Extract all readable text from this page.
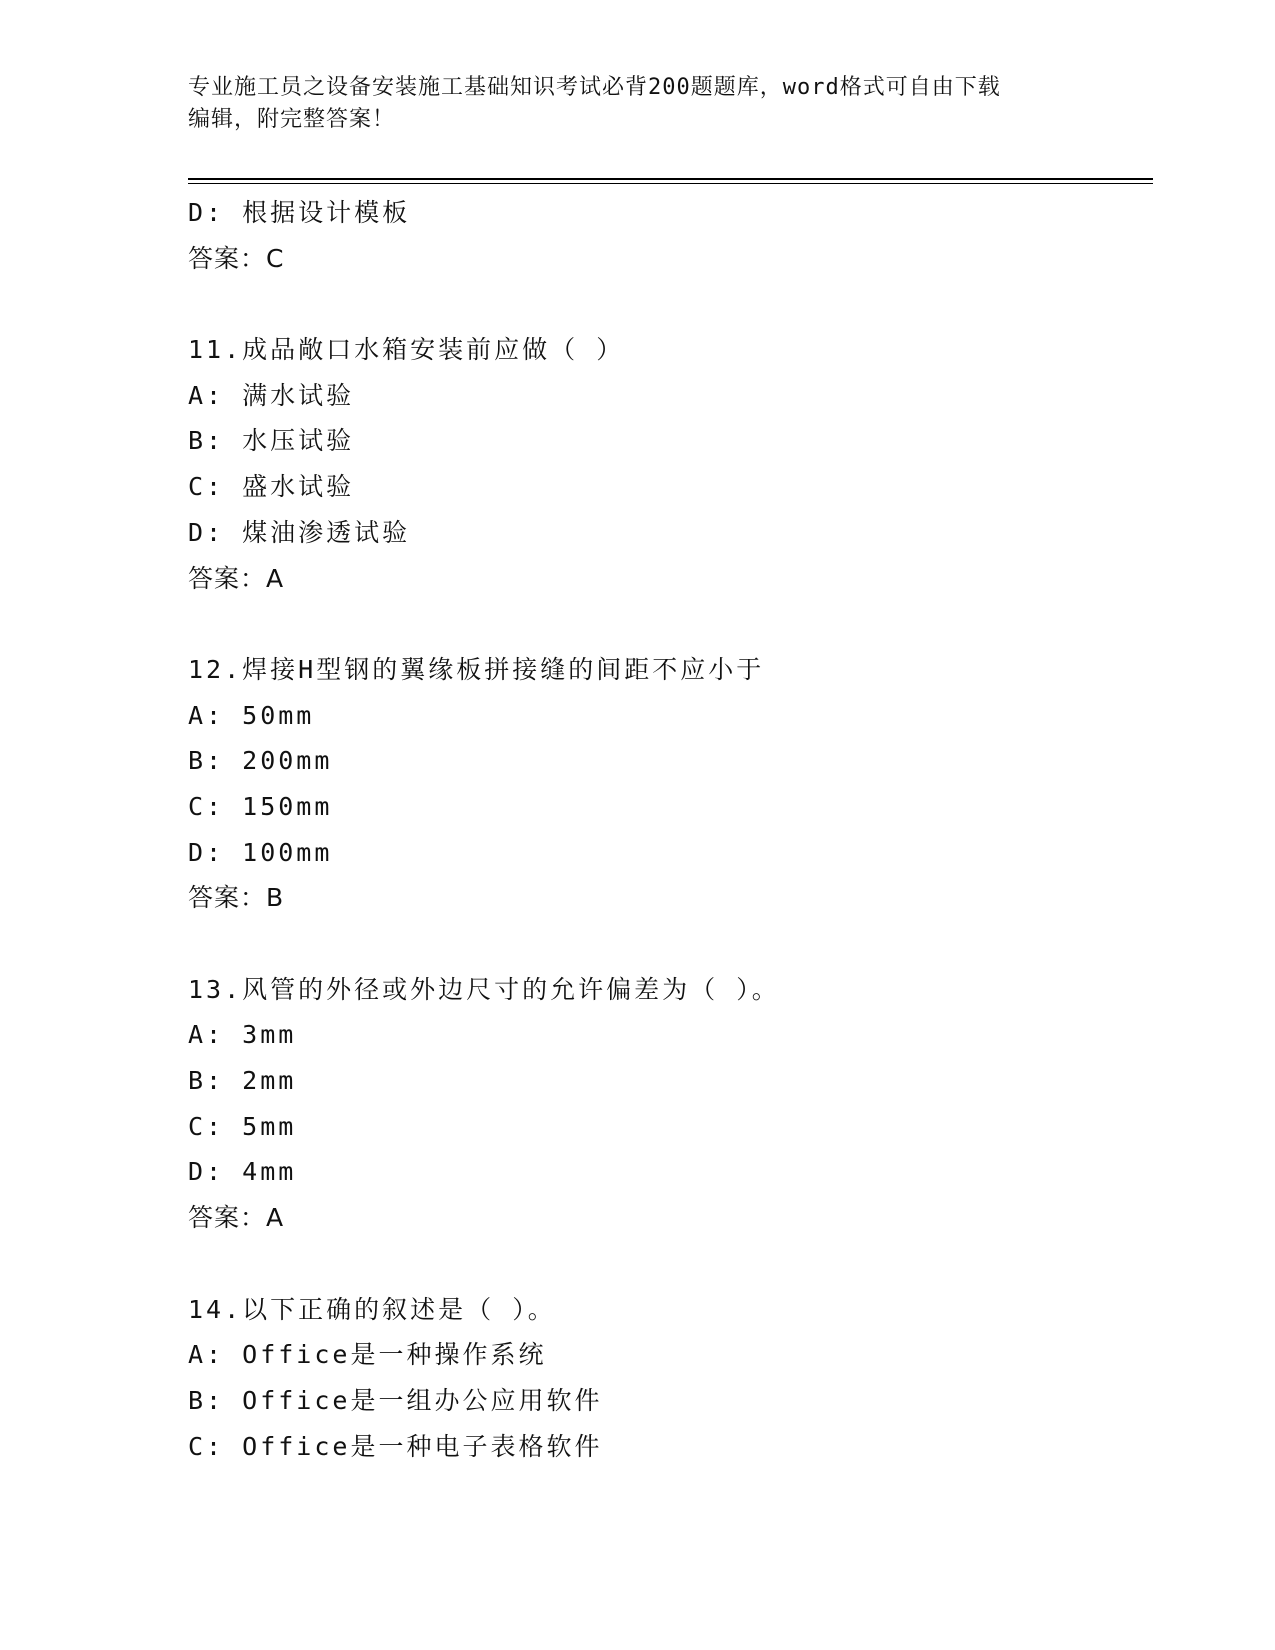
专业施工员之设备安装施工基础知识考试必背200题题库，word格式可自由下载
编辑，附完整答案！

D: 根据设计模板
答案：C
11.成品敞口水箱安装前应做（ ）
A: 满水试验
B: 水压试验
C: 盛水试验
D: 煤油渗透试验
答案：A
12.焊接H型钢的翼缘板拼接缝的间距不应小于
A: 50mm
B: 200mm
C: 150mm
D: 100mm
答案：B
13.风管的外径或外边尺寸的允许偏差为（ ）。
A: 3mm
B: 2mm
C: 5mm
D: 4mm
答案：A
14.以下正确的叙述是（ ）。
A: Office是一种操作系统
B: Office是一组办公应用软件
C: Office是一种电子表格软件
